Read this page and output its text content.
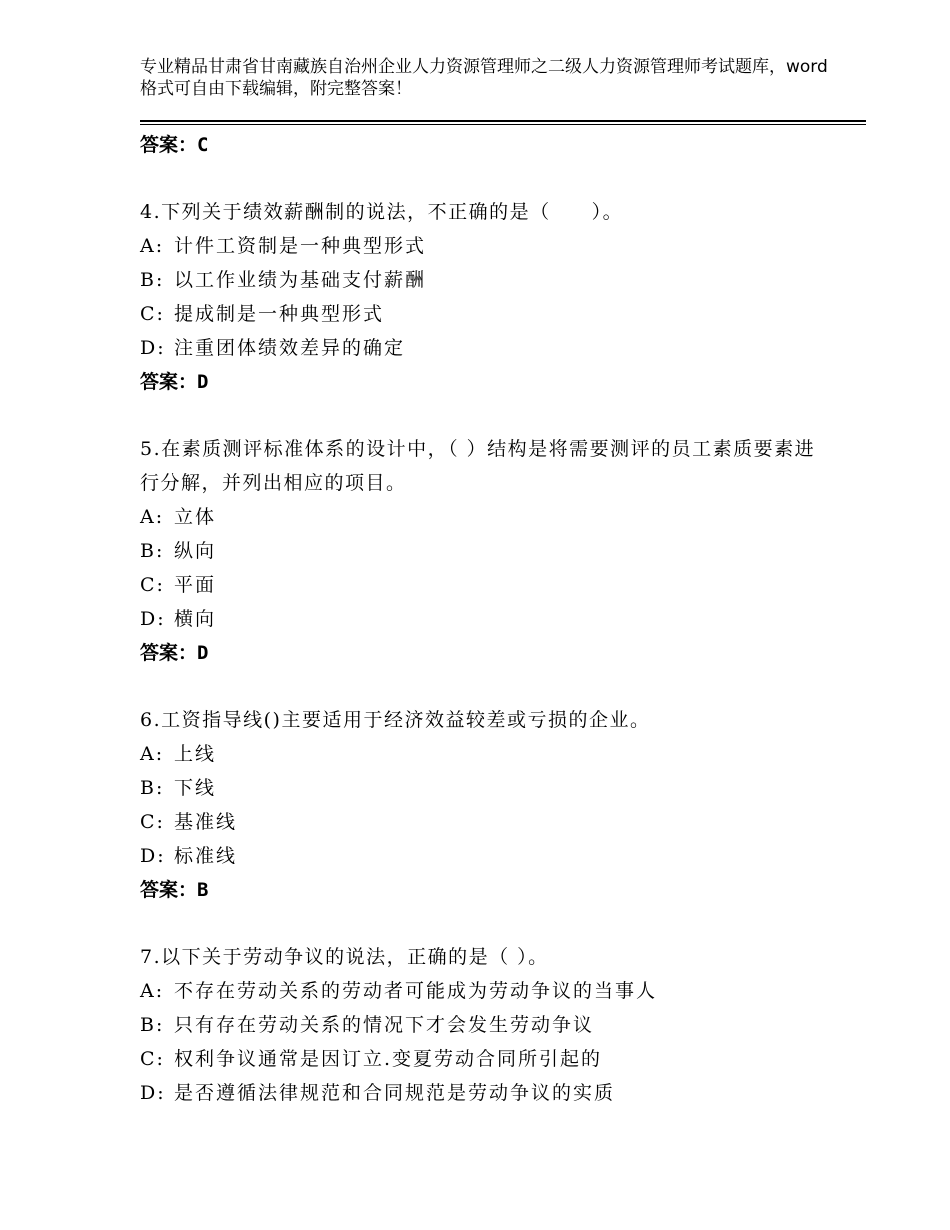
专业精品甘肃省甘南藏族自治州企业人力资源管理师之二级人力资源管理师考试题库，word格式可自由下载编辑，附完整答案！
答案：C
4.下列关于绩效薪酬制的说法，不正确的是（　　）。
A: 计件工资制是一种典型形式
B: 以工作业绩为基础支付薪酬
C: 提成制是一种典型形式
D: 注重团体绩效差异的确定
答案：D
5.在素质测评标准体系的设计中，（ ）结构是将需要测评的员工素质要素进行分解，并列出相应的项目。
A: 立体
B: 纵向
C: 平面
D: 横向
答案：D
6.工资指导线()主要适用于经济效益较差或亏损的企业。
A: 上线
B: 下线
C: 基准线
D: 标准线
答案：B
7.以下关于劳动争议的说法，正确的是（ ）。
A: 不存在劳动关系的劳动者可能成为劳动争议的当事人
B: 只有存在劳动关系的情况下才会发生劳动争议
C: 权利争议通常是因订立.变夏劳动合同所引起的
D: 是否遵循法律规范和合同规范是劳动争议的实质
